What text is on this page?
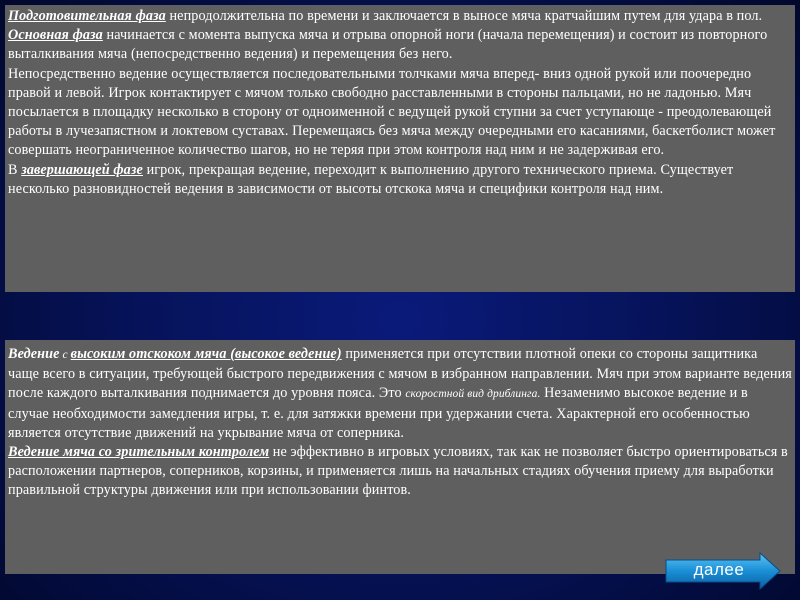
Подготовительная фаза непродолжительна по времени и заключается в выносе мяча кратчайшим путем для удара в пол.

Основная фаза начинается с момента выпуска мяча и отрыва опорной ноги (начала перемещения) и состоит из повторного выталкивания мяча (непосредственно ведения) и перемещения без него.

Непосредственно ведение осуществляется последовательными толчками мяча вперед- вниз одной рукой или поочередно правой и левой. Игрок контактирует с мячом только свободно расставленными в стороны пальцами, но не ладонью. Мяч посылается в площадку несколько в сторону от одноименной с ведущей рукой ступни за счет уступающе - преодолевающей работы в лучезапястном и локтевом суставах. Перемещаясь без мяча между очередными его касаниями, баскетболист может совершать неограниченное количество шагов, но не теряя при этом контроля над ним и не задерживая его.

В завершающей фазе игрок, прекращая ведение, переходит к выполнению другого технического приема. Существует несколько разновидностей ведения в зависимости от высоты отскока мяча и специфики контроля над ним.

Ведение с высоким отскоком мяча (высокое ведение) применяется при отсутствии плотной опеки со стороны защитника чаще всего в ситуации, требующей быстрого передвижения с мячом в избранном направлении. Мяч при этом варианте ведения после каждого выталкивания поднимается до уровня пояса. Это скоростной вид дриблинга. Незаменимо высокое ведение и в случае необходимости замедления игры, т. е. для затяжки времени при удержании счета. Характерной его особенностью является отсутствие движений на укрывание мяча от соперника.

Ведение мяча со зрительным контролем не эффективно в игровых условиях, так как не позволяет быстро ориентироваться в расположении партнеров, соперников, корзины, и применяется лишь на начальных стадиях обучения приему для выработки правильной структуры движения или при использовании финтов.

далее
